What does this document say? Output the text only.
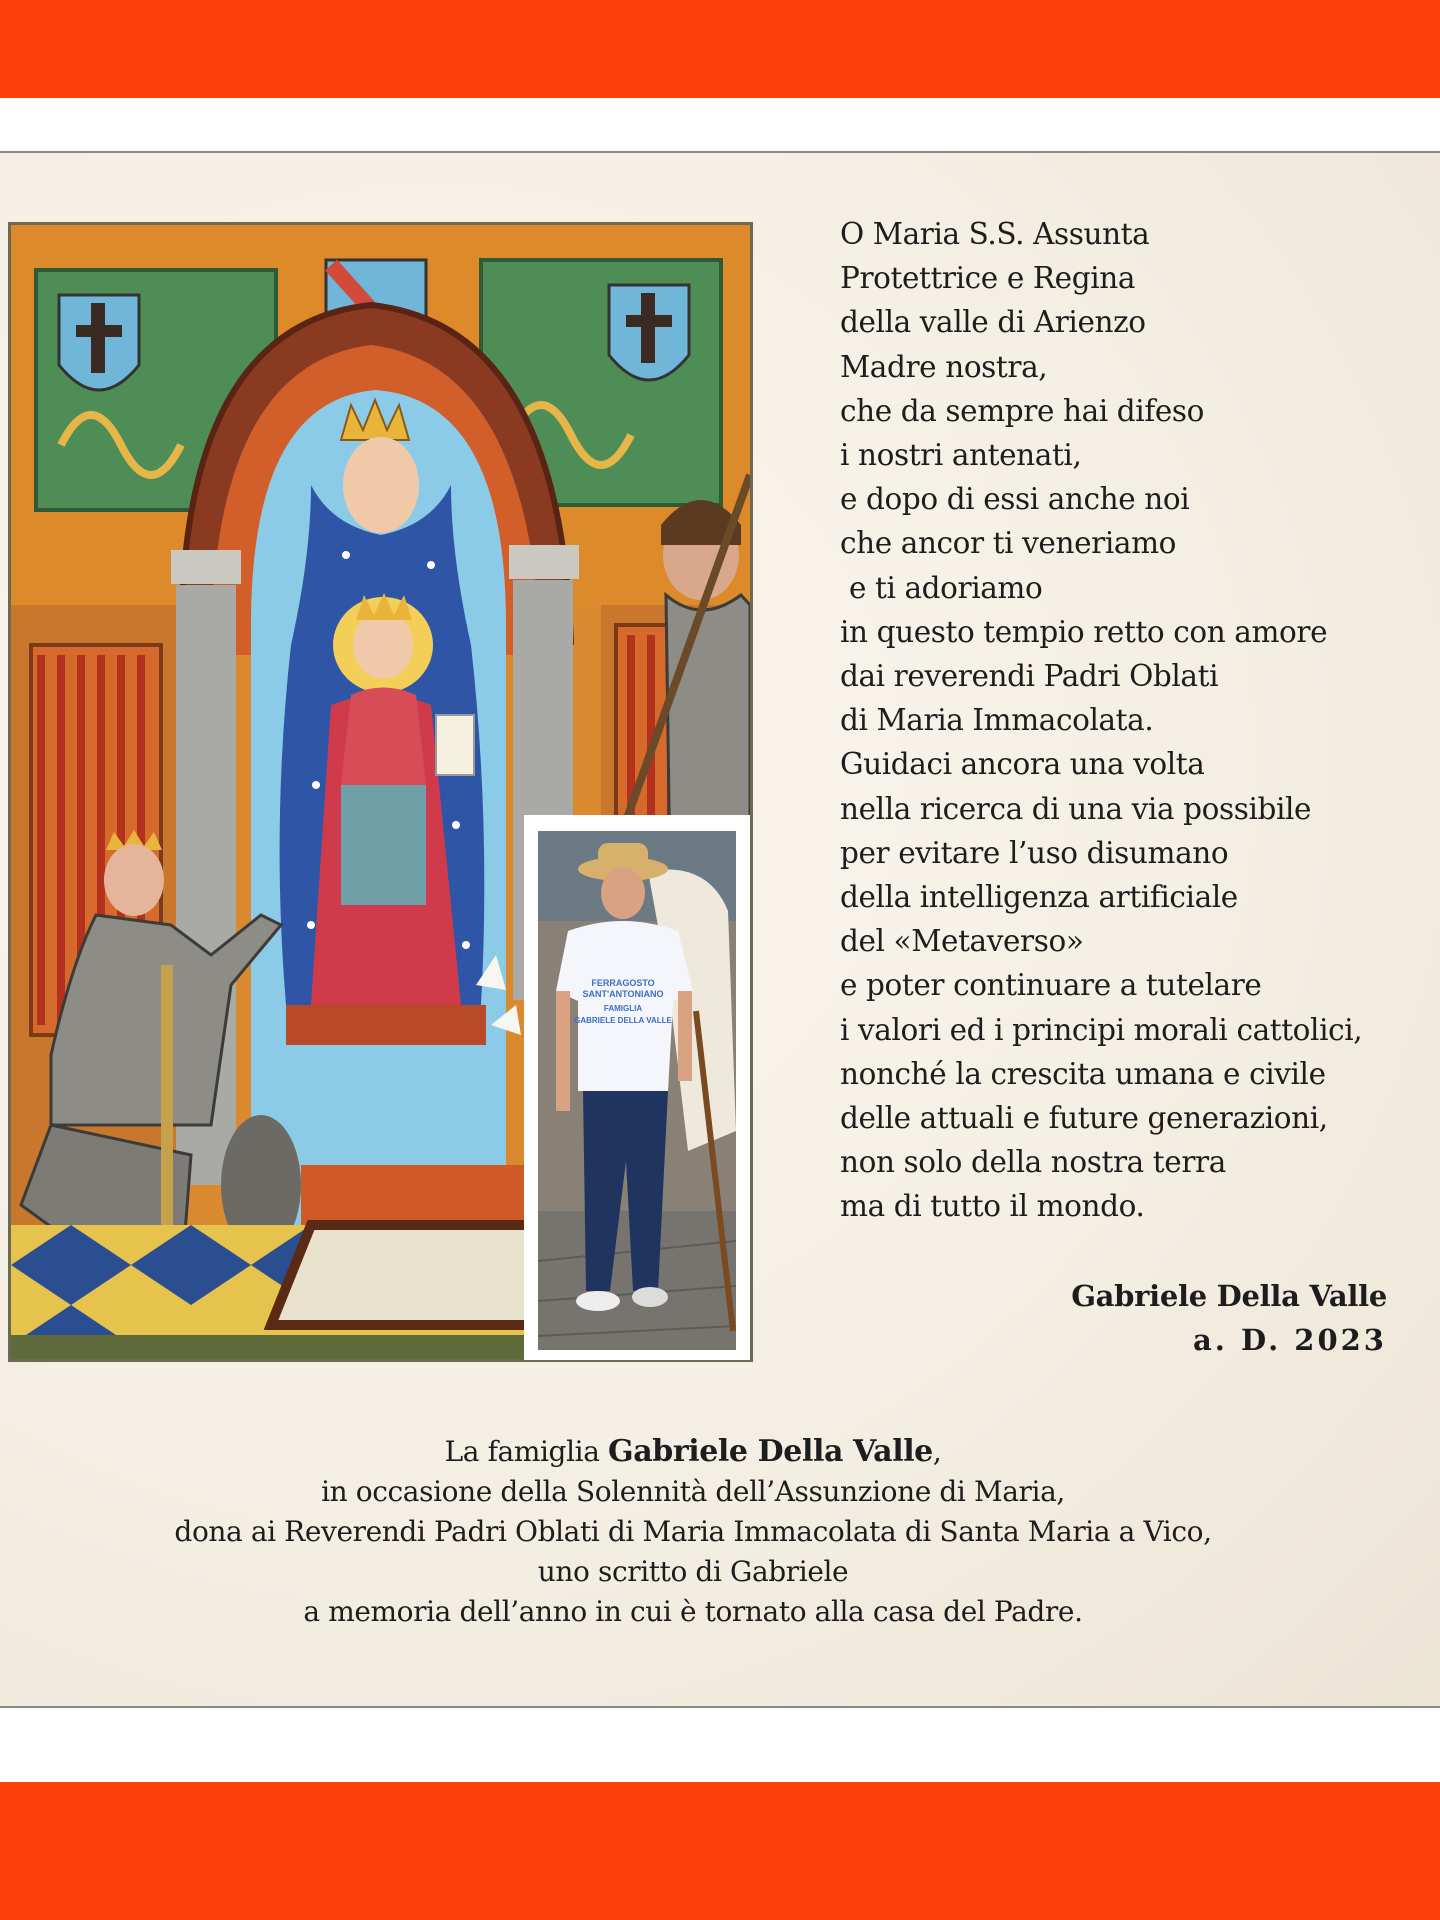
FERRAGOSTO
SANT'ANTONIANO
FAMIGLIA
GABRIELE DELLA VALLE
O Maria S.S. Assunta
Protettrice e Regina
della valle di Arienzo
Madre nostra,
che da sempre hai difeso
i nostri antenati,
e dopo di essi anche noi
che ancor ti veneriamo
e ti adoriamo
in questo tempio retto con amore
dai reverendi Padri Oblati
di Maria Immacolata.
Guidaci ancora una volta
nella ricerca di una via possibile
per evitare l’uso disumano
della intelligenza artificiale
del «Metaverso»
e poter continuare a tutelare
i valori ed i principi morali cattolici,
nonché la crescita umana e civile
delle attuali e future generazioni,
non solo della nostra terra
ma di tutto il mondo.
Gabriele Della Valle
a. D. 2023
La famiglia Gabriele Della Valle,
in occasione della Solennità dell’Assunzione di Maria,
dona ai Reverendi Padri Oblati di Maria Immacolata di Santa Maria a Vico,
uno scritto di Gabriele
a memoria dell’anno in cui è tornato alla casa del Padre.
